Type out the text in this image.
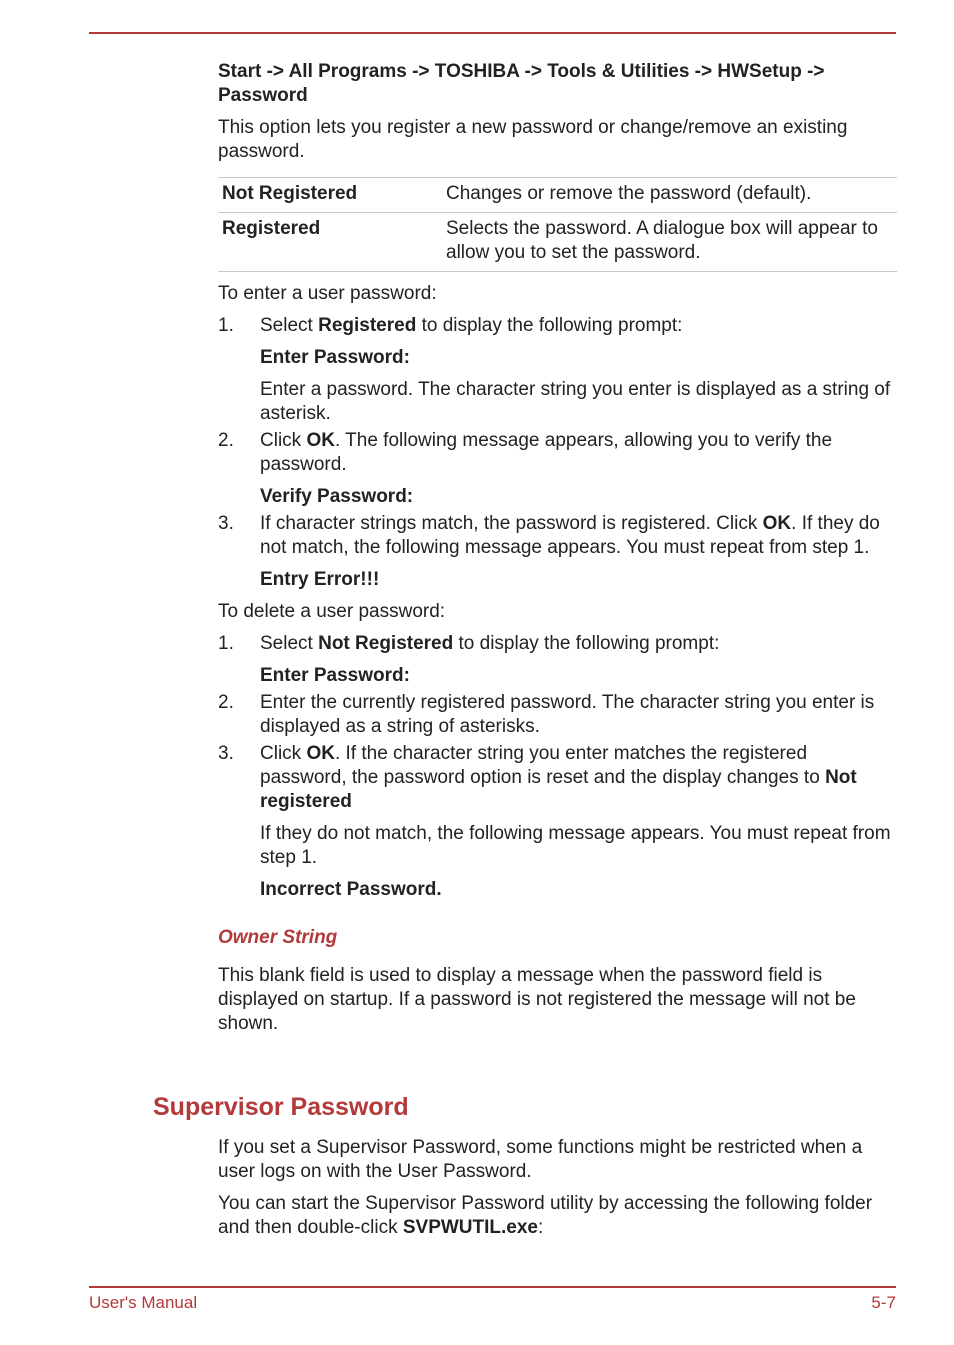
Start -> All Programs -> TOSHIBA -> Tools & Utilities -> HWSetup ->
Password

This option lets you register a new password or change/remove an existing password.

Not Registered	Changes or remove the password (default).
Registered	Selects the password. A dialogue box will appear to allow you to set the password.

To enter a user password:

1.	Select Registered to display the following prompt:

Enter Password:

Enter a password. The character string you enter is displayed as a string of asterisk.

2.	Click OK. The following message appears, allowing you to verify the password.

Verify Password:

3.	If character strings match, the password is registered. Click OK. If they do not match, the following message appears. You must repeat from step 1.

Entry Error!!!

To delete a user password:

1.	Select Not Registered to display the following prompt:

Enter Password:

2.	Enter the currently registered password. The character string you enter is displayed as a string of asterisks.
3.	Click OK. If the character string you enter matches the registered password, the password option is reset and the display changes to Not registered

If they do not match, the following message appears. You must repeat from step 1.

Incorrect Password.

Owner String

This blank field is used to display a message when the password field is displayed on startup. If a password is not registered the message will not be shown.

Supervisor Password

If you set a Supervisor Password, some functions might be restricted when a user logs on with the User Password.

You can start the Supervisor Password utility by accessing the following folder and then double-click SVPWUTIL.exe:

User's Manual	5-7
